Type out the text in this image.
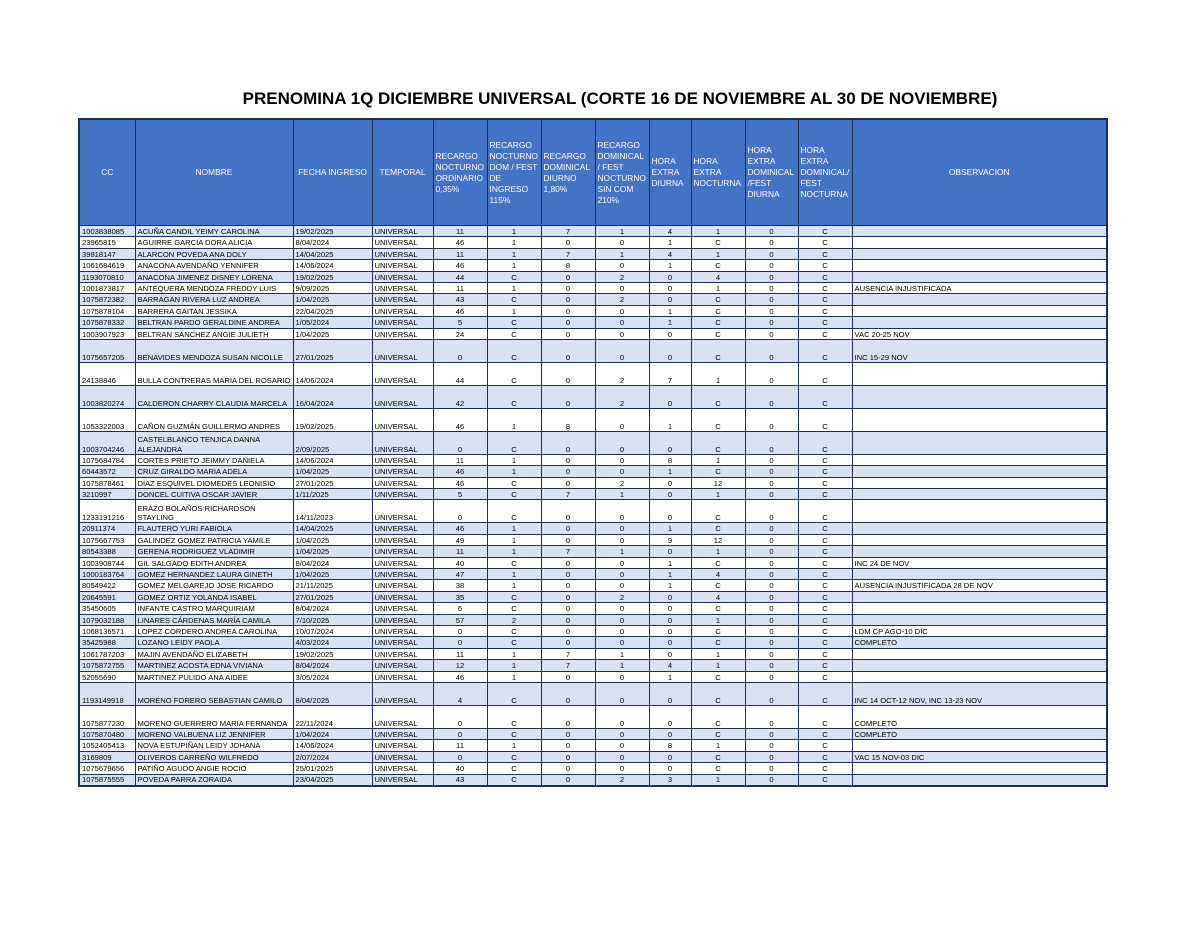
PRENOMINA 1Q DICIEMBRE UNIVERSAL (CORTE 16 DE NOVIEMBRE AL 30 DE NOVIEMBRE)
CC	NOMBRE	FECHA INGRESO	TEMPORAL	RECARGO NOCTURNO ORDINARIO 0,35%	RECARGO NOCTURNO DOM / FEST DE INGRESO 115%	RECARGO DOMINICAL DIURNO 1,80%	RECARGO DOMINICAL / FEST NOCTURNO SIN COM 210%	HORA EXTRA DIURNA	HORA EXTRA NOCTURNA	HORA EXTRA DOMINICAL /FEST DIURNA	HORA EXTRA DOMINICAL/ FEST NOCTURNA	OBSERVACION
1003838085	ACUÑA CANDIL YEIMY CAROLINA	19/02/2025	UNIVERSAL	11	1	7	1	4	1	0	C	
23965815	AGUIRRE GARCIA DORA ALICIA	8/04/2024	UNIVERSAL	46	1	0	0	1	C	0	C	
39818147	ALARCON POVEDA ANA DOLY	14/04/2025	UNIVERSAL	11	1	7	1	4	1	0	C	
1061684619	ANACONA AVENDAÑO YENNIFER	14/06/2024	UNIVERSAL	46	1	8	0	1	C	0	C	
1193070810	ANACONA JIMENEZ DISNEY LORENA	19/02/2025	UNIVERSAL	44	C	0	2	0	4	0	C	
1001873817	ANTEQUERA MENDOZA FREDDY LUIS	9/09/2025	UNIVERSAL	11	1	0	0	0	1	0	C	AUSENCIA INJUSTIFICADA
1075872382	BARRAGAN RIVERA LUZ ANDREA	1/04/2025	UNIVERSAL	43	C	0	2	0	C	0	C	
1075878104	BARRERA GAITAN JESSIKA	22/04/2025	UNIVERSAL	46	1	0	0	1	C	0	C	
1075878332	BELTRAN PARDO GERALDINE ANDREA	1/05/2024	UNIVERSAL	5	C	0	0	1	C	0	C	
1003907923	BELTRAN SANCHEZ ANGIE JULIETH	1/04/2025	UNIVERSAL	24	C	0	0	0	C	0	C	VAC 20-25 NOV
1075657205	BENAVIDES MENDOZA SUSAN NICOLLE	27/01/2025	UNIVERSAL	0	C	0	0	0	C	0	C	INC 15-29 NOV
24138846	BULLA CONTRERAS MARIA DEL ROSARIO	14/06/2024	UNIVERSAL	44	C	0	2	7	1	0	C	
1003820274	CALDERON CHARRY CLAUDIA MARCELA	16/04/2024	UNIVERSAL	42	C	0	2	0	C	0	C	
1053322003	CAÑON GUZMÁN GUILLERMO ANDRES	19/02/2025	UNIVERSAL	46	1	8	0	1	C	0	C	
1003704246	CASTELBLANCO TENJICA DANNA ALEJANDRA	2/09/2025	UNIVERSAL	0	C	0	0	0	C	0	C	
1075684784	CORTES PRIETO JEIMMY DANIELA	14/06/2024	UNIVERSAL	11	1	0	0	8	1	0	C	
60443572	CRUZ GIRALDO MARIA ADELA	1/04/2025	UNIVERSAL	46	1	0	0	1	C	0	C	
1075878461	DIAZ ESQUIVEL DIOMEDES LEONISIO	27/01/2025	UNIVERSAL	46	C	0	2	0	12	0	C	
3210997	DONCEL CUITIVA OSCAR JAVIER	1/11/2025	UNIVERSAL	5	C	7	1	0	1	0	C	
1233191216	ERAZO BOLAÑOS RICHARDSON STAYLING	14/11/2023	UNIVERSAL	0	C	0	0	0	C	0	C	
20911374	FLAUTERO YURI FABIOLA	14/04/2025	UNIVERSAL	46	1	0	0	1	C	0	C	
1075667753	GALINDEZ GOMEZ PATRICIA YAMILE	1/04/2025	UNIVERSAL	49	1	0	0	9	12	0	C	
80543388	GERENA RODRIGUEZ VLADIMIR	1/04/2025	UNIVERSAL	11	1	7	1	0	1	0	C	
1003908744	GIL SALGADO EDITH ANDREA	8/04/2024	UNIVERSAL	40	C	0	0	1	C	0	C	INC 24 DE NOV
1000183764	GOMEZ HERNANDEZ LAURA GINETH	1/04/2025	UNIVERSAL	47	1	0	0	1	4	0	C	
80549422	GOMEZ MELGAREJO JOSE RICARDO	21/11/2025	UNIVERSAL	38	1	0	0	1	C	0	C	AUSENCIA INJUSTIFICADA 28 DE NOV
20645591	GOMEZ ORTIZ YOLANDA ISABEL	27/01/2025	UNIVERSAL	35	C	0	2	0	4	0	C	
35450605	INFANTE CASTRO MARQUIRIAM	8/04/2024	UNIVERSAL	6	C	0	0	0	C	0	C	
1079032188	LINARES CÁRDENAS MARÍA CAMILA	7/10/2025	UNIVERSAL	57	2	0	0	0	1	0	C	
1068136571	LOPEZ CORDERO ANDREA CAROLINA	10/07/2024	UNIVERSAL	0	C	0	0	0	C	0	C	LDM CP AGO-10 DIC
35425988	LOZANO LEIDY PAOLA	4/03/2024	UNIVERSAL	0	C	0	0	0	C	0	C	COMPLETO
1061787203	MAJIN AVENDAÑO ELIZABETH	19/02/2025	UNIVERSAL	11	1	7	1	0	1	0	C	
1075872755	MARTINEZ ACOSTA EDNA VIVIANA	8/04/2024	UNIVERSAL	12	1	7	1	4	1	0	C	
52055690	MARTINEZ PULIDO ANA AIDEE	3/05/2024	UNIVERSAL	46	1	0	0	1	C	0	C	
1193149918	MORENO FORERO SEBASTIAN CAMILO	8/04/2025	UNIVERSAL	4	C	0	0	0	C	0	C	INC 14 OCT-12 NOV, INC 13-23 NOV
1075877230	MORENO GUERRERO MARIA FERNANDA	22/11/2024	UNIVERSAL	0	C	0	0	0	C	0	C	COMPLETO
1075870480	MORENO VALBUENA LIZ JENNIFER	1/04/2024	UNIVERSAL	0	C	0	0	0	C	0	C	COMPLETO
1052405413	NOVA ESTUPIÑAN LEIDY JOHANA	14/06/2024	UNIVERSAL	11	1	0	0	8	1	0	C	
3169809	OLIVEROS CARREÑO WILFREDO	2/07/2024	UNIVERSAL	0	C	0	0	0	C	0	C	VAC 15 NOV-03 DIC
1075679656	PATIÑO AGUDO ANGIE ROCIO	25/01/2025	UNIVERSAL	40	C	0	0	0	C	0	C	
1075875555	POVEDA PARRA ZORAIDA	23/04/2025	UNIVERSAL	43	C	0	2	3	1	0	C	
